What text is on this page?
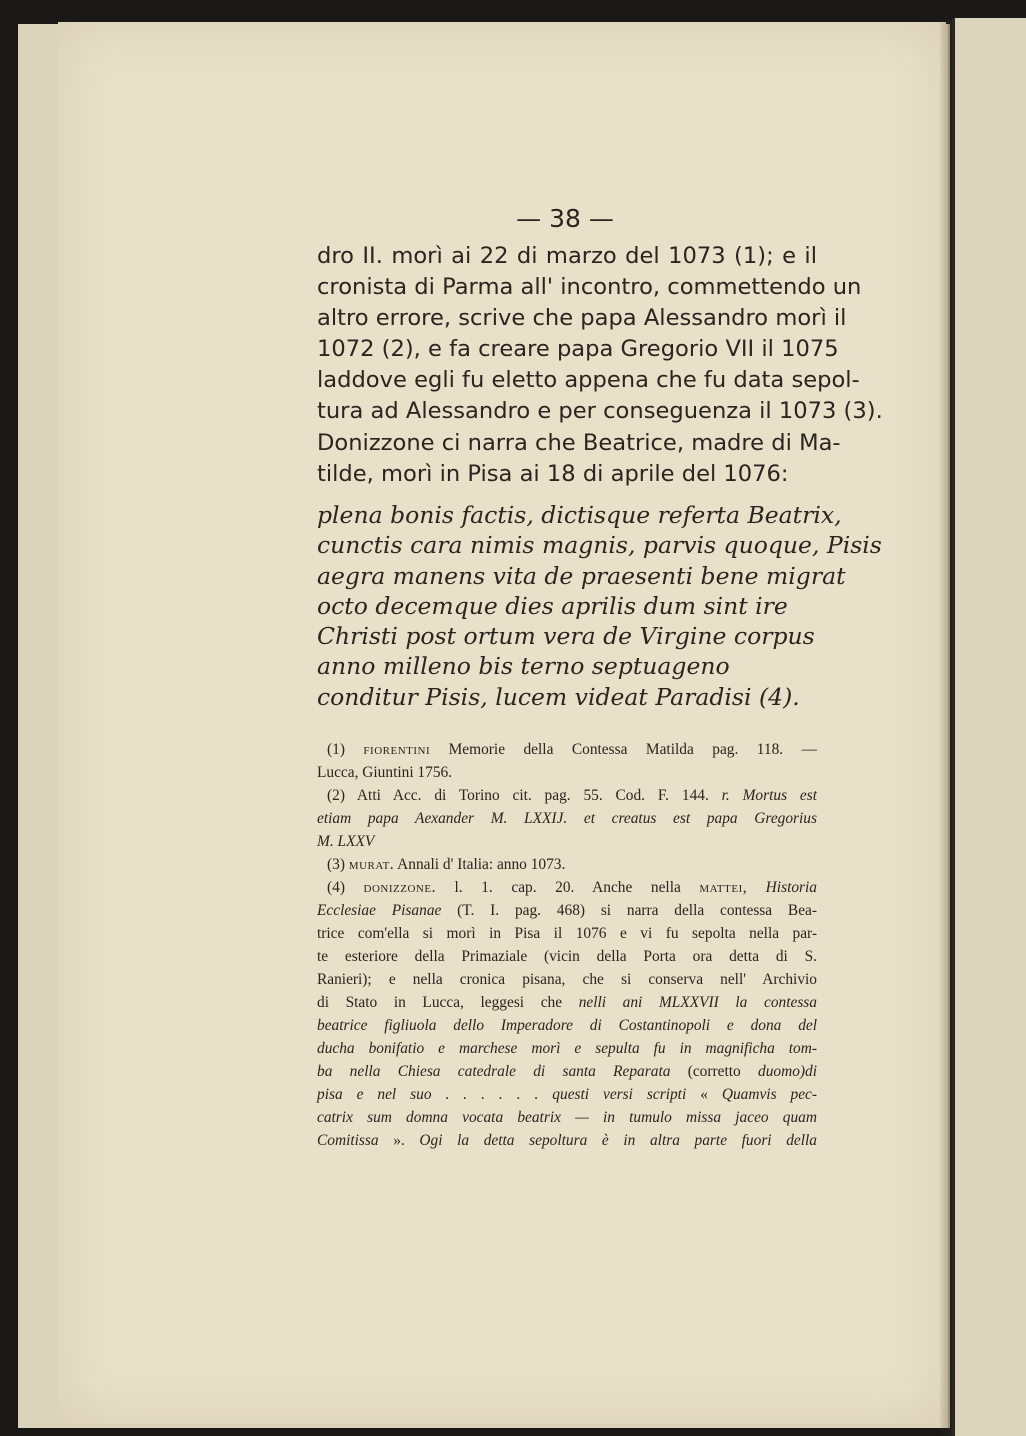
— 38 —
dro II. morì ai 22 di marzo del 1073 (1); e il
cronista di Parma all' incontro, commettendo un
altro errore, scrive che papa Alessandro morì il
1072 (2), e fa creare papa Gregorio VII il 1075
laddove egli fu eletto appena che fu data sepol-
tura ad Alessandro e per conseguenza il 1073 (3).
Donizzone ci narra che Beatrice, madre di Ma-
tilde, morì in Pisa ai 18 di aprile del 1076:
plena bonis factis, dictisque referta Beatrix,
cunctis cara nimis magnis, parvis quoque, Pisis
aegra manens vita de praesenti bene migrat
octo decemque dies aprilis dum sint ire
Christi post ortum vera de Virgine corpus
anno milleno bis terno septuageno
conditur Pisis, lucem videat Paradisi (4).
(1) fiorentini Memorie della Contessa Matilda pag. 118. —
Lucca, Giuntini 1756.
(2) Atti Acc. di Torino cit. pag. 55. Cod. F. 144. r. Mortus est
etiam papa Aexander M. LXXIJ. et creatus est papa Gregorius
M. LXXV
(3) murat. Annali d' Italia: anno 1073.
(4) donizzone. l. 1. cap. 20. Anche nella mattei, Historia
Ecclesiae Pisanae (T. I. pag. 468) si narra della contessa Bea-
trice com'ella si morì in Pisa il 1076 e vi fu sepolta nella par-
te esteriore della Primaziale (vicin della Porta ora detta di S.
Ranieri); e nella cronica pisana, che si conserva nell' Archivio
di Stato in Lucca, leggesi che nelli ani MLXXVII la contessa
beatrice figliuola dello Imperadore di Costantinopoli e dona del
ducha bonifatio e marchese morì e sepulta fu in magnificha tom-
ba nella Chiesa catedrale di santa Reparata (corretto duomo)di
pisa e nel suo . . . . . . questi versi scripti « Quamvis pec-
catrix sum domna vocata beatrix — in tumulo missa jaceo quam
Comitissa ». Ogi la detta sepoltura è in altra parte fuori della
